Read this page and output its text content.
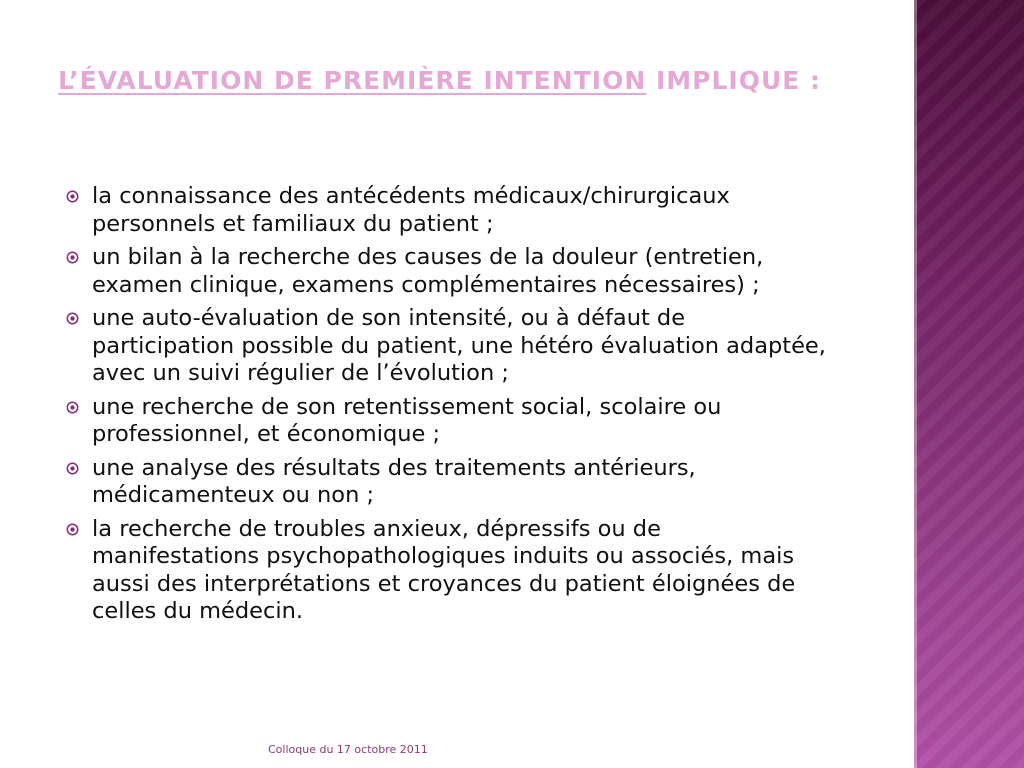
L’ÉVALUATION DE PREMIÈRE INTENTION IMPLIQUE :
la connaissance des antécédents médicaux/chirurgicaux personnels et familiaux du patient ;
un bilan à la recherche des causes de la douleur (entretien, examen clinique, examens complémentaires nécessaires) ;
une auto-évaluation de son intensité, ou à défaut de participation possible du patient, une hétéro évaluation adaptée, avec un suivi régulier de l’évolution ;
une recherche de son retentissement social, scolaire ou professionnel, et économique ;
une analyse des résultats des traitements antérieurs, médicamenteux ou non ;
la recherche de troubles anxieux, dépressifs ou de manifestations psychopathologiques induits ou associés, mais aussi des interprétations et croyances du patient éloignées de celles du médecin.
Colloque du 17 octobre 2011
